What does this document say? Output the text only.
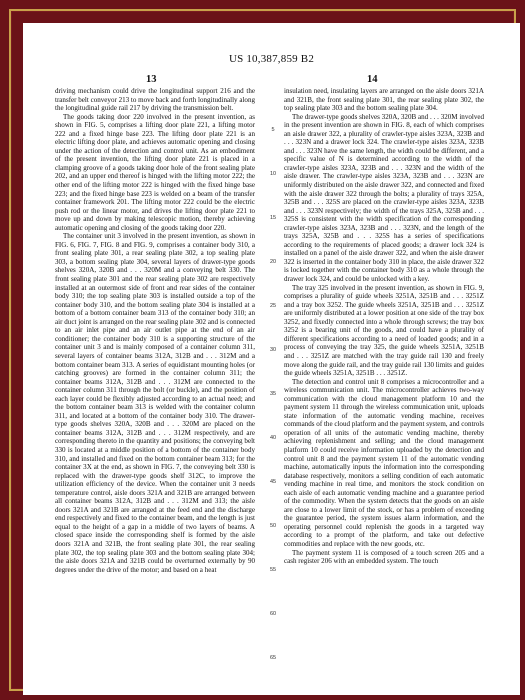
US 10,387,859 B2
13	14

driving mechanism could drive the longitudinal support 216 and the transfer belt conveyor 213 to move back and forth longitudinally along the longitudinal guide rail 217 by driving the transmission belt.

The goods taking door 220 involved in the present invention, as shown in FIG. 5, comprises a lifting door plate 221, a lifting motor 222 and a fixed hinge base 223. The lifting door plate 221 is an electric lifting door plate, and achieves automatic opening and closing under the action of the detection and control unit. As an embodiment of the present invention, the lifting door plate 221 is placed in a clamping groove of a goods taking door hole of the front sealing plate 202, and an upper end thereof is hinged with the lifting motor 222; the other end of the lifting motor 222 is hinged with the fixed hinge base 223; and the fixed hinge base 223 is welded on a beam of the transfer container framework 201. The lifting motor 222 could be the electric push rod or the linear motor, and drives the lifting door plate 221 to move up and down by making telescopic motion, thereby achieving automatic opening and closing of the goods taking door 220.

The container unit 3 involved in the present invention, as shown in FIG. 6, FIG. 7, FIG. 8 and FIG. 9, comprises a container body 310, a front sealing plate 301, a rear sealing plate 302, a top sealing plate 303, a bottom sealing plate 304, several layers of drawer-type goods shelves 320A, 320B and . . . 320M and a conveying belt 330. The front sealing plate 301 and the rear sealing plate 302 are respectively installed at an outermost side of front and rear sides of the container body 310; the top sealing plate 303 is installed outside a top of the container body 310, and the bottom sealing plate 304 is installed at a bottom of a bottom container beam 313 of the container body 310; an air duct joint is arranged on the rear sealing plate 302 and is connected to an air inlet pipe and an air outlet pipe at the end of an air conditioner; the container body 310 is a supporting structure of the container unit 3 and is mainly composed of a container column 311, several layers of container beams 312A, 312B and . . . 312M and a bottom container beam 313. A series of equidistant mounting holes (or catching grooves) are formed in the container column 311; the container beams 312A, 312B and . . . 312M are connected to the container column 311 through the bolt (or buckle), and the position of each layer could be flexibly adjusted according to an actual need; and the bottom container beam 313 is welded with the container column 311, and located at a bottom of the container body 310. The drawer-type goods shelves 320A, 320B and . . . 320M are placed on the container beams 312A, 312B and . . . 312M respectively, and are corresponding thereto in the quantity and positions; the conveying belt 330 is located at a middle position of a bottom of the container body 310, and installed and fixed on the bottom container beam 313; for the container 3X at the end, as shown in FIG. 7, the conveying belt 330 is replaced with the drawer-type goods shelf 312C, to improve the utilization efficiency of the device. When the container unit 3 needs temperature control, aisle doors 321A and 321B are arranged between all container beams 312A, 312B and . . . 312M and 313; the aisle doors 321A and 321B are arranged at the feed end and the discharge end respectively and fixed to the container beam, and the length is just equal to the height of a gap in a middle of two layers of beams. A closed space inside the corresponding shelf is formed by the aisle doors 321A and 321B, the front sealing plate 301, the rear sealing plate 302, the top sealing plate 303 and the bottom sealing plate 304; the aisle doors 321A and 321B could be overturned externally by 90 degrees under the drive of the motor; and based on a heat

5
10
15
20
25
30
35
40
45
50
55
60
65

insulation need, insulating layers are arranged on the aisle doors 321A and 321B, the front sealing plate 301, the rear sealing plate 302, the top sealing plate 303 and the bottom sealing plate 304.

The drawer-type goods shelves 320A, 320B and . . . 320M involved in the present invention are shown in FIG. 8, each of which comprises an aisle drawer 322, a plurality of crawler-type aisles 323A, 323B and . . . 323N and a drawer lock 324. The crawler-type aisles 323A, 323B and . . . 323N have the same length, the width could be different, and a specific value of N is determined according to the width of the crawler-type aisles 323A, 323B and . . . 323N and the width of the aisle drawer. The crawler-type aisles 323A, 323B and . . . 323N are uniformly distributed on the aisle drawer 322, and connected and fixed with the aisle drawer 322 through the bolts; a plurality of trays 325A, 325B and . . . 325S are placed on the crawler-type aisles 323A, 323B and . . . 323N respectively; the width of the trays 325A, 325B and . . . 325S is consistent with the width specification of the corresponding crawler-type aisles 323A, 323B and . . . 323N, and the length of the trays 325A, 325B and . . . 325S has a series of specifications according to the requirements of placed goods; a drawer lock 324 is installed on a panel of the aisle drawer 322, and when the aisle drawer 322 is inserted in the container body 310 in place, the aisle drawer 322 is locked together with the container body 310 as a whole through the drawer lock 324, and could be unlocked with a key.

The tray 325 involved in the present invention, as shown in FIG. 9, comprises a plurality of guide wheels 3251A, 3251B and . . . 3251Z and a tray box 3252. The guide wheels 3251A, 3251B and . . . 3251Z are uniformly distributed at a lower position at one side of the tray box 3252, and fixedly connected into a whole through screws; the tray box 3252 is a bearing unit of the goods, and could have a plurality of different specifications according to a need of loaded goods; and in a process of conveying the tray 325, the guide wheels 3251A, 3251B and . . . 3251Z are matched with the tray guide rail 130 and freely move along the guide rail, and the tray guide rail 130 limits and guides the guide wheels 3251A, 3251B . . . 3251Z.

The detection and control unit 8 comprises a microcontroller and a wireless communication unit. The microcontroller achieves two-way communication with the cloud management platform 10 and the payment system 11 through the wireless communication unit, uploads state information of the automatic vending machine, receives commands of the cloud platform and the payment system, and controls operation of all units of the automatic vending machine, thereby achieving replenishment and selling; and the cloud management platform 10 could receive information uploaded by the detection and control unit 8 and the payment system 11 of the automatic vending machine, automatically inputs the information into the corresponding database respectively, monitors a selling condition of each automatic vending machine in real time, and monitors the stock condition on each aisle of each automatic vending machine and a guarantee period of the commodity. When the system detects that the goods on an aisle are close to a lower limit of the stock, or has a problem of exceeding the guarantee period, the system issues alarm information, and the operating personnel could replenish the goods in a targeted way according to a prompt of the platform, and take out defective commodities and replace with the new goods, etc.

The payment system 11 is composed of a touch screen 205 and a cash register 206 with an embedded system. The touch
